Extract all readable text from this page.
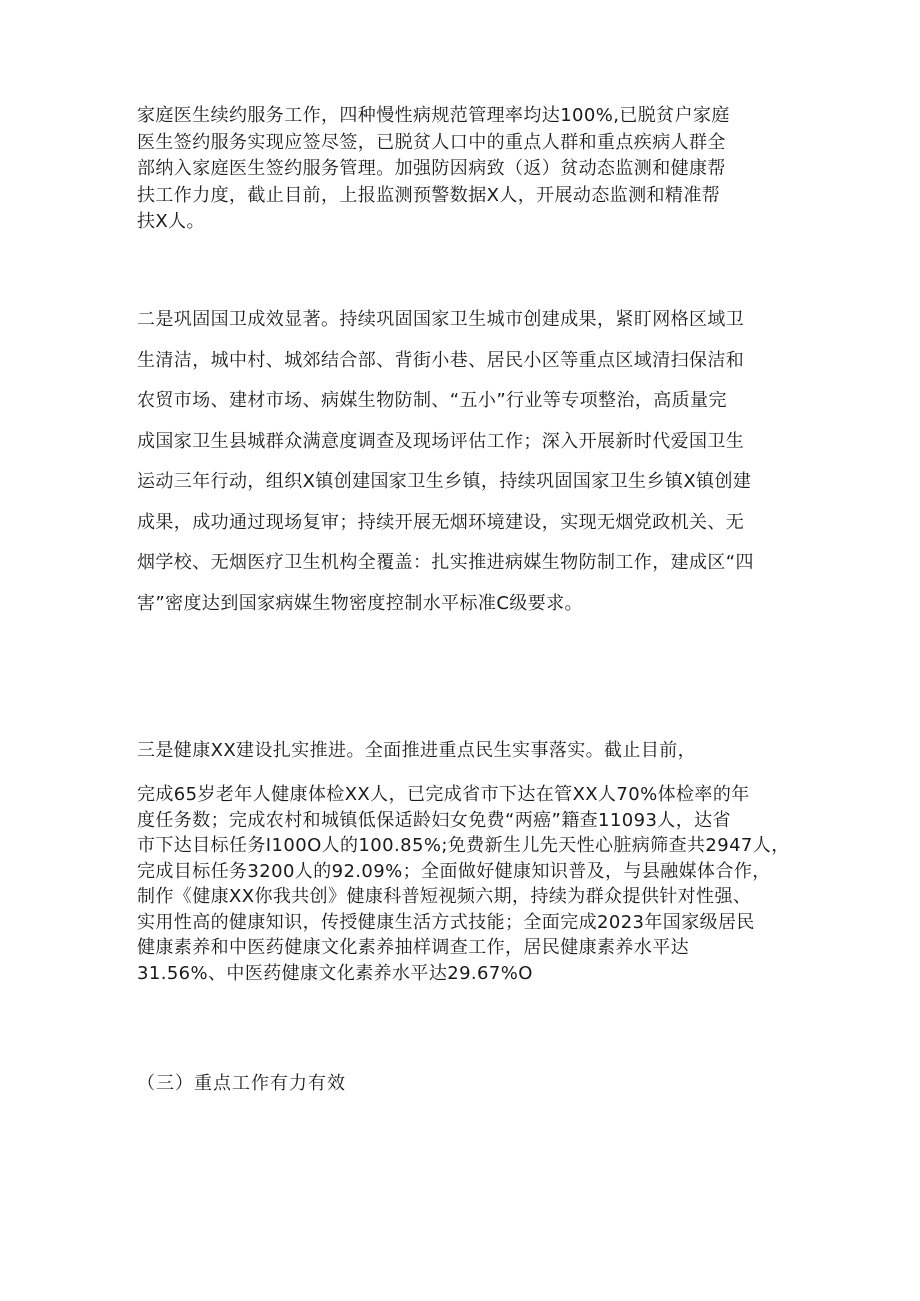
家庭医生续约服务工作，四种慢性病规范管理率均达100%,已脱贫户家庭
医生签约服务实现应签尽签，已脱贫人口中的重点人群和重点疾病人群全
部纳入家庭医生签约服务管理。加强防因病致（返）贫动态监测和健康帮
扶工作力度，截止目前，上报监测预警数据X人，开展动态监测和精准帮
扶X人。

二是巩固国卫成效显著。持续巩固国家卫生城市创建成果，紧盯网格区域卫
生清洁，城中村、城郊结合部、背街小巷、居民小区等重点区域清扫保洁和
农贸市场、建材市场、病媒生物防制、“五小”行业等专项整治，高质量完
成国家卫生县城群众满意度调查及现场评估工作；深入开展新时代爱国卫生
运动三年行动，组织X镇创建国家卫生乡镇，持续巩固国家卫生乡镇X镇创建
成果，成功通过现场复审；持续开展无烟环境建设，实现无烟党政机关、无
烟学校、无烟医疗卫生机构全覆盖：扎实推进病媒生物防制工作，建成区“四
害”密度达到国家病媒生物密度控制水平标准C级要求。

三是健康XX建设扎实推进。全面推进重点民生实事落实。截止目前，

完成65岁老年人健康体检XX人，已完成省市下达在管XX人70%体检率的年
度任务数；完成农村和城镇低保适龄妇女免费“两癌”籍查11093人，达省
市下达目标任务I100O人的100.85%;免费新生儿先天性心脏病筛查共2947人，
完成目标任务3200人的92.09%；全面做好健康知识普及，与县融媒体合作，
制作《健康XX你我共创》健康科普短视频六期，持续为群众提供针对性强、
实用性高的健康知识，传授健康生活方式技能；全面完成2023年国家级居民
健康素养和中医药健康文化素养抽样调查工作，居民健康素养水平达
31.56%、中医药健康文化素养水平达29.67%O

（三）重点工作有力有效
